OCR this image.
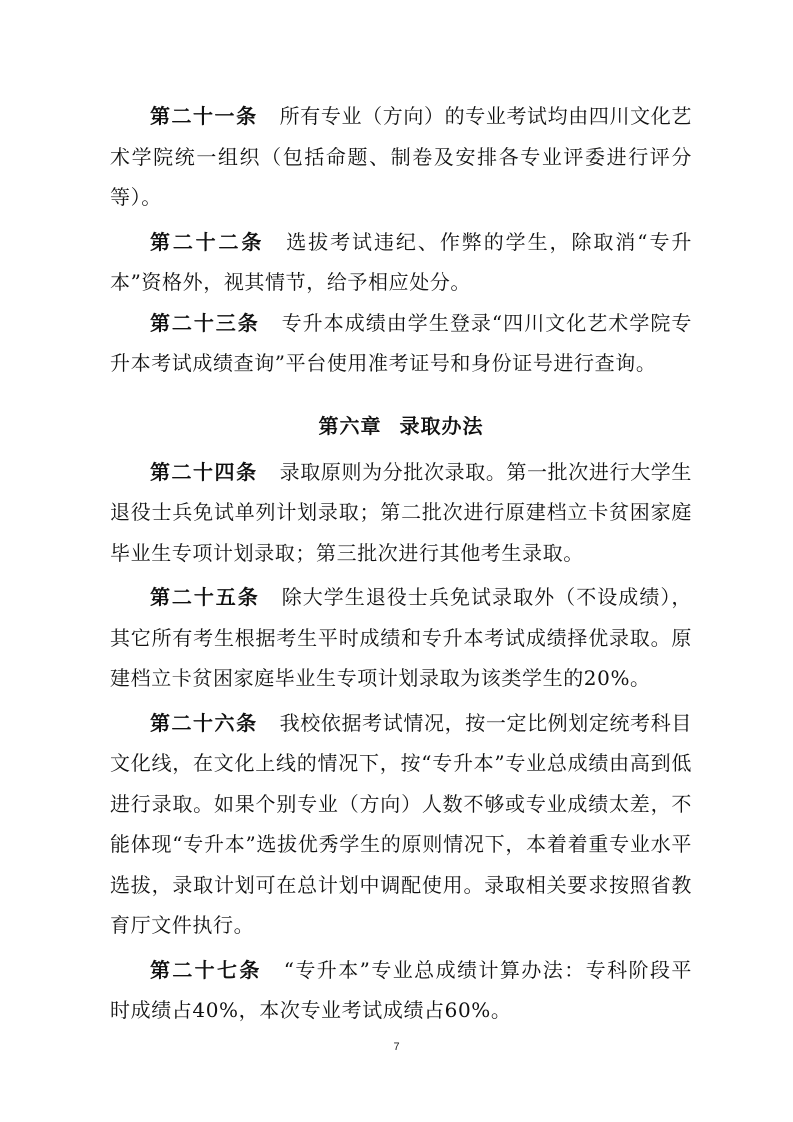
第二十一条 所有专业（方向）的专业考试均由四川文化艺术学院统一组织（包括命题、制卷及安排各专业评委进行评分等）。

第二十二条 选拔考试违纪、作弊的学生，除取消“专升本”资格外，视其情节，给予相应处分。

第二十三条 专升本成绩由学生登录“四川文化艺术学院专升本考试成绩查询”平台使用准考证号和身份证号进行查询。

第六章 录取办法

第二十四条 录取原则为分批次录取。第一批次进行大学生退役士兵免试单列计划录取；第二批次进行原建档立卡贫困家庭毕业生专项计划录取；第三批次进行其他考生录取。

第二十五条 除大学生退役士兵免试录取外（不设成绩），其它所有考生根据考生平时成绩和专升本考试成绩择优录取。原建档立卡贫困家庭毕业生专项计划录取为该类学生的20%。

第二十六条 我校依据考试情况，按一定比例划定统考科目文化线，在文化上线的情况下，按“专升本”专业总成绩由高到低进行录取。如果个别专业（方向）人数不够或专业成绩太差，不能体现“专升本”选拔优秀学生的原则情况下，本着着重专业水平选拔，录取计划可在总计划中调配使用。录取相关要求按照省教育厅文件执行。

第二十七条 “专升本”专业总成绩计算办法：专科阶段平时成绩占40%，本次专业考试成绩占60%。

7
